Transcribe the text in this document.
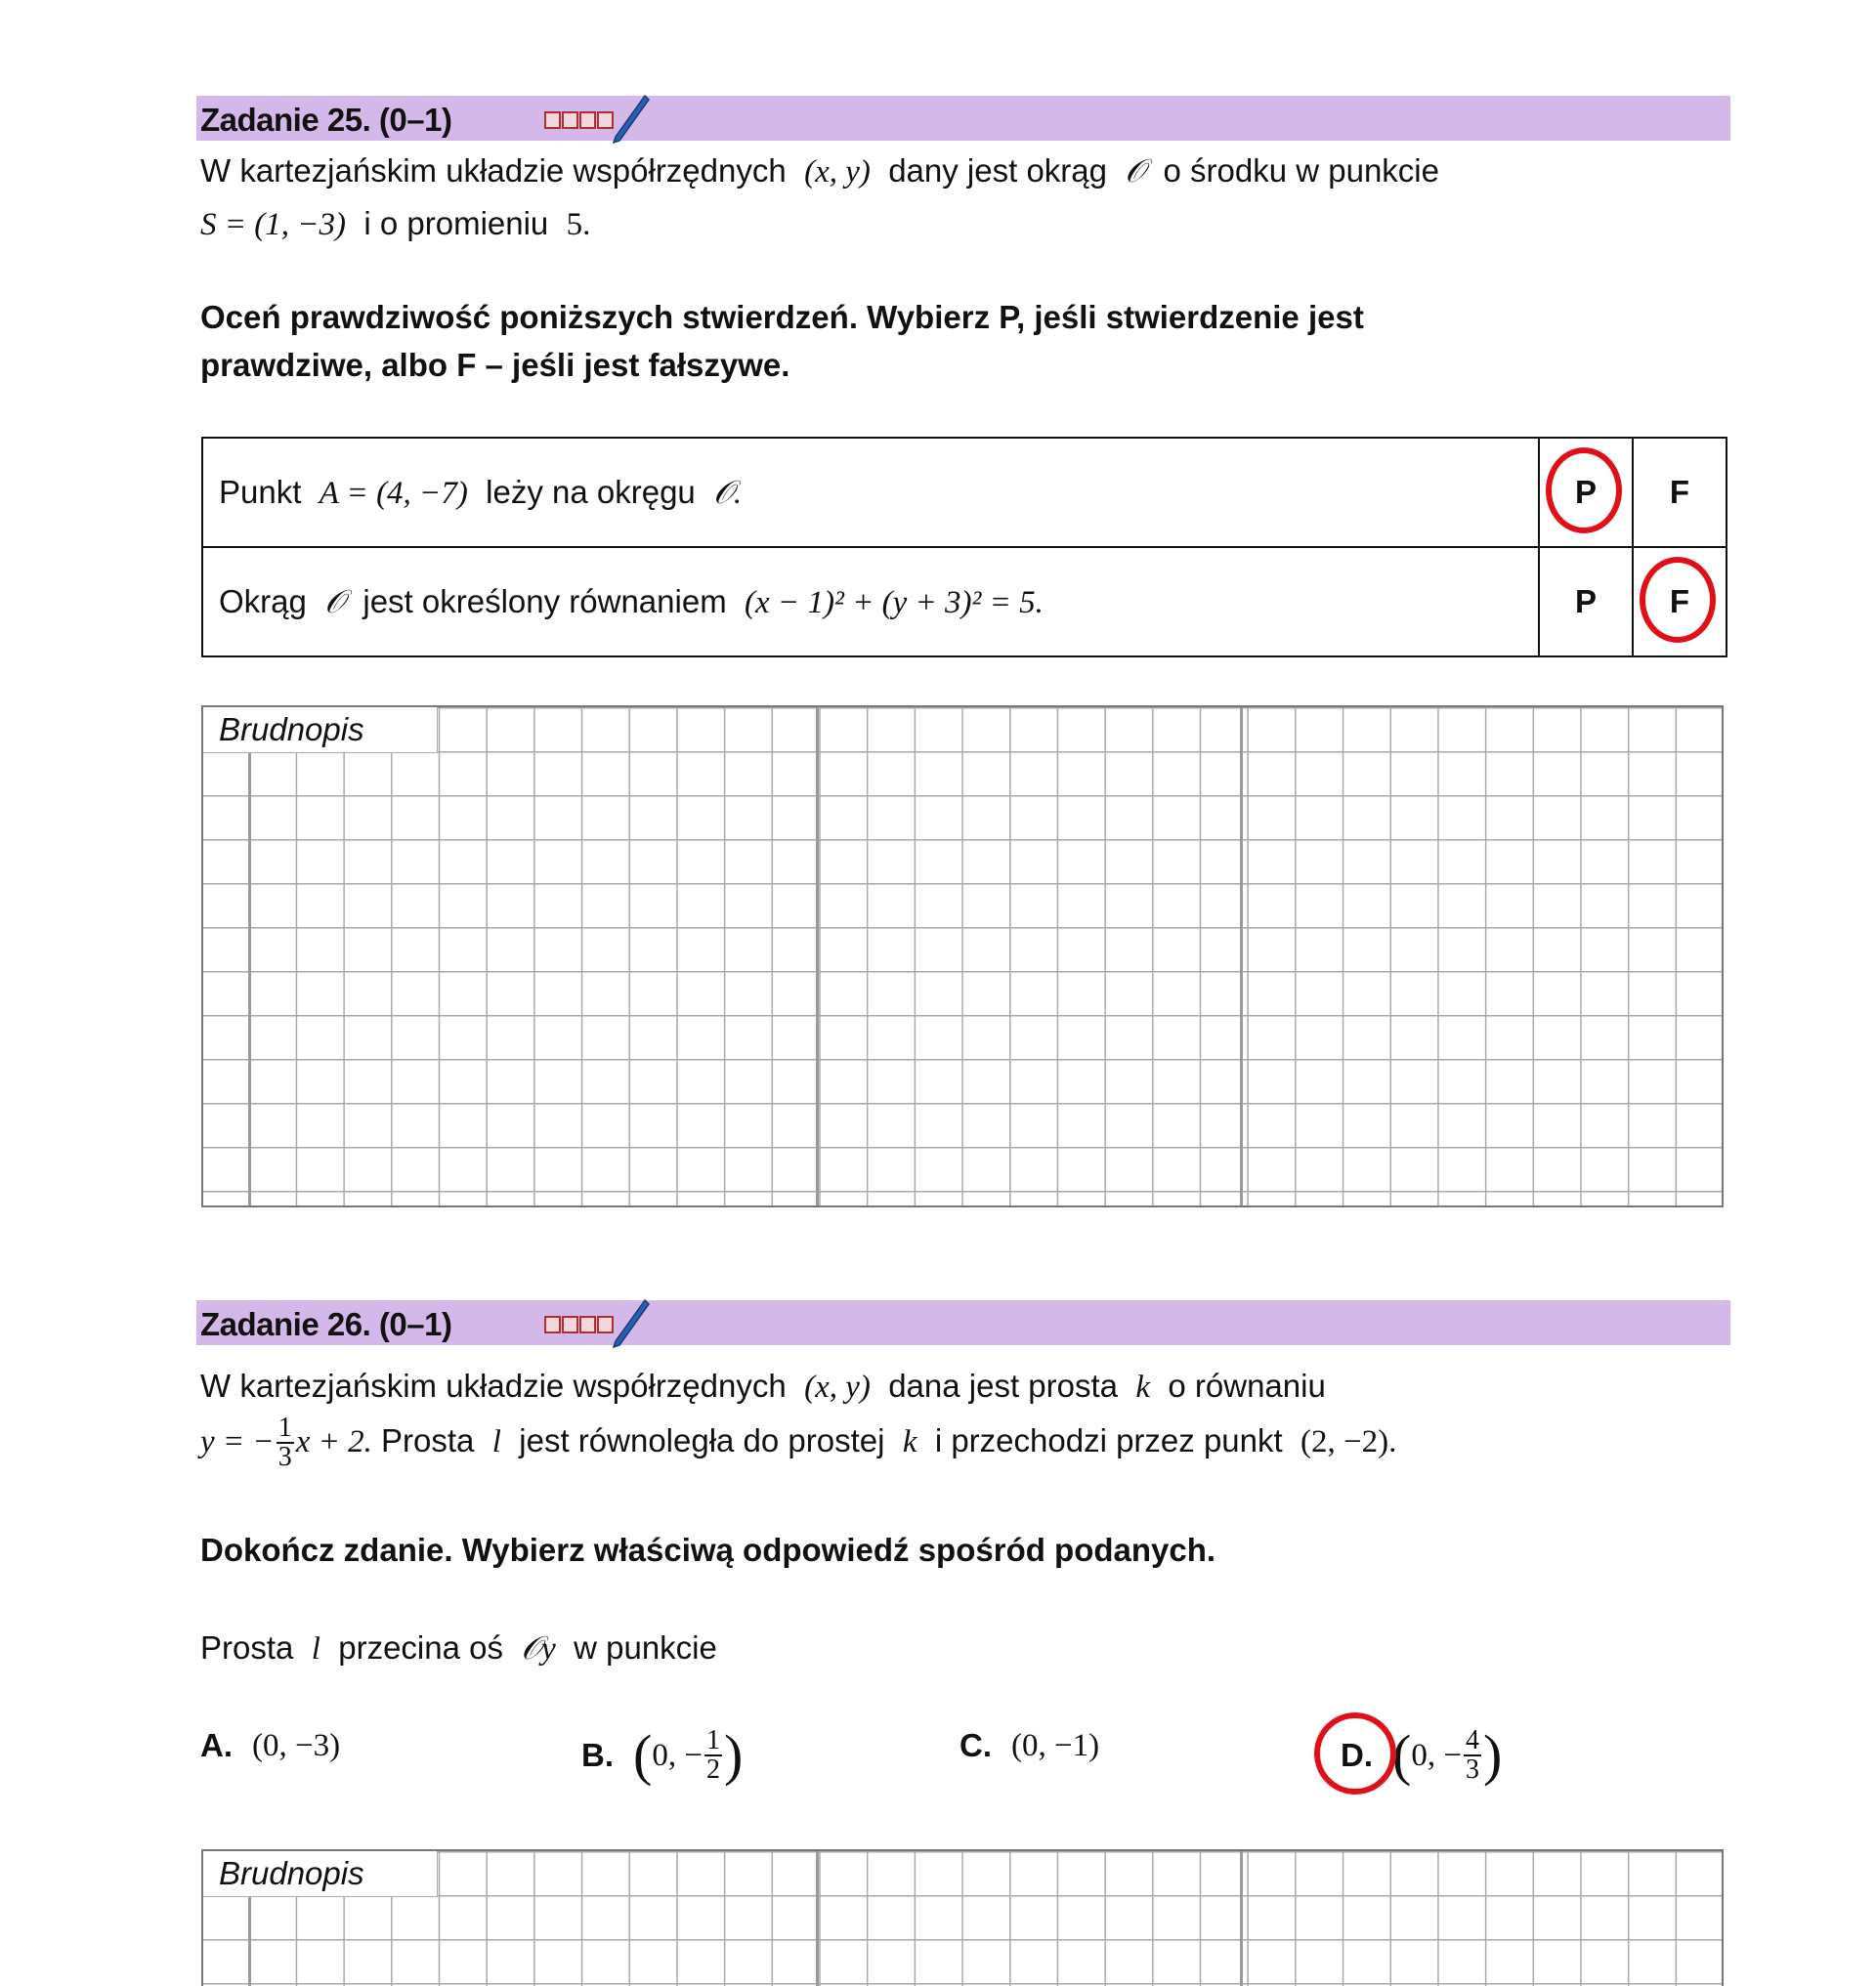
Zadanie 25. (0–1)
W kartezjańskim układzie współrzędnych (x, y) dany jest okrąg 𝒪 o środku w punkcie
S = (1, −3) i o promieniu 5.
Oceń prawdziwość poniższych stwierdzeń. Wybierz P, jeśli stwierdzenie jest
prawdziwe, albo F – jeśli jest fałszywe.
Punkt A = (4, −7) leży na okręgu 𝒪.	P	F
Okrąg 𝒪 jest określony równaniem (x − 1)² + (y + 3)² = 5.	P	F
Brudnopis
Zadanie 26. (0–1)
W kartezjańskim układzie współrzędnych (x, y) dana jest prosta k o równaniu
y = − $\frac{1}{3}$ x + 2. Prosta l jest równoległa do prostej k i przechodzi przez punkt (2, −2).
Dokończ zdanie. Wybierz właściwą odpowiedź spośród podanych.
Prosta l przecina oś 𝒪y w punkcie
A. (0, −3)	B. ( 0, − $\frac{1}{2}$ )	C. (0, −1)	D. ( 0, − $\frac{4}{3}$ )
Brudnopis
